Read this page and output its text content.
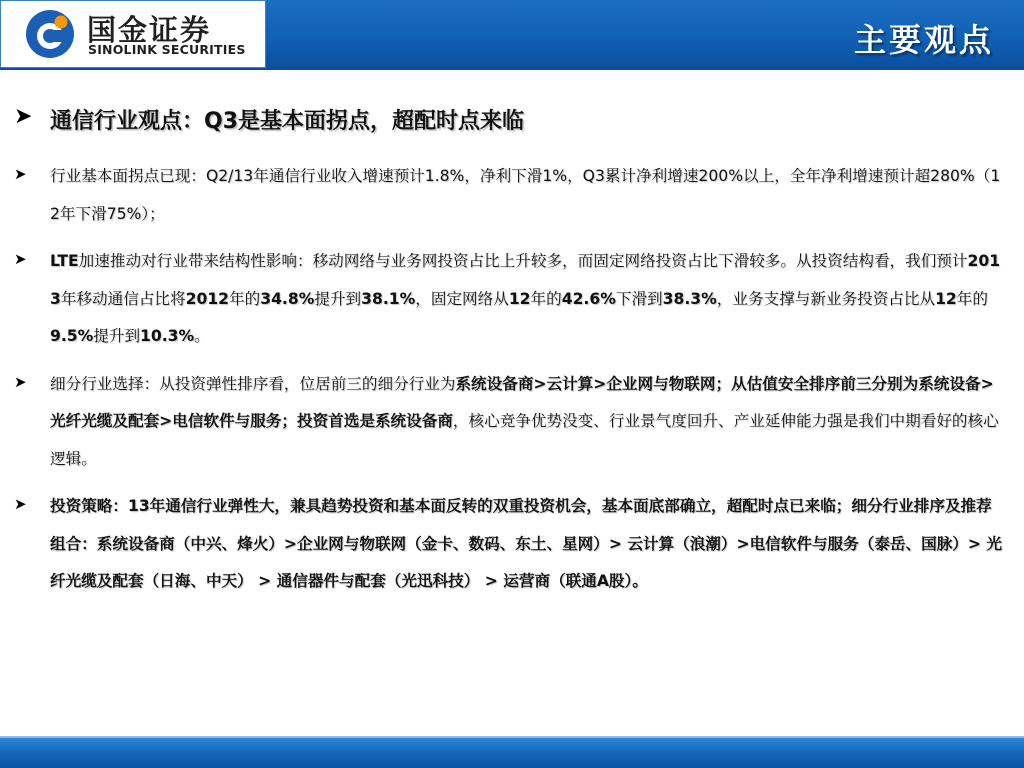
国金证券
SINOLINK SECURITIES	主要观点
➤ 通信行业观点：Q3是基本面拐点，超配时点来临
➤ 行业基本面拐点已现：Q2/13年通信行业收入增速预计1.8%，净利下滑1%，Q3累计净利增速200%以上，全年净利增速预计超280%（12年下滑75%）；
➤ LTE加速推动对行业带来结构性影响：移动网络与业务网投资占比上升较多，而固定网络投资占比下滑较多。从投资结构看，我们预计2013年移动通信占比将2012年的34.8%提升到38.1%，固定网络从12年的42.6%下滑到38.3%，业务支撑与新业务投资占比从12年的9.5%提升到10.3%。
➤ 细分行业选择：从投资弹性排序看，位居前三的细分行业为系统设备商>云计算>企业网与物联网；从估值安全排序前三分别为系统设备>光纤光缆及配套>电信软件与服务；投资首选是系统设备商，核心竞争优势没变、行业景气度回升、产业延伸能力强是我们中期看好的核心逻辑。
➤ 投资策略：13年通信行业弹性大，兼具趋势投资和基本面反转的双重投资机会，基本面底部确立，超配时点已来临；细分行业排序及推荐组合：系统设备商（中兴、烽火）>企业网与物联网（金卡、数码、东土、星网）> 云计算（浪潮）>电信软件与服务（泰岳、国脉）> 光纤光缆及配套（日海、中天） > 通信器件与配套（光迅科技） > 运营商（联通A股）。
